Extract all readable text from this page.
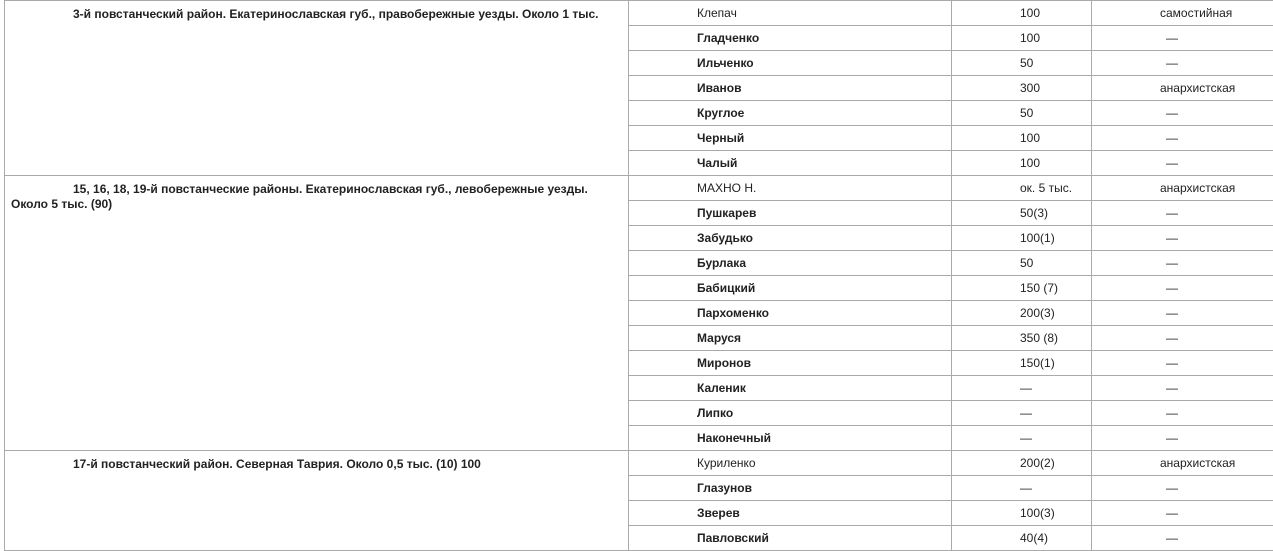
3-й повстанческий район. Екатеринославская губ., правобережные уезды. Около 1 тыс.	Клепач	100	самостийная
	Гладченко	100	—
	Ильченко	50	—
	Иванов	300	анархистская
	Круглое	50	—
	Черный	100	—
	Чалый	100	—
15, 16, 18, 19-й повстанческие районы. Екатеринославская губ., левобережные уезды. Около 5 тыс. (90)	МАХНО Н.	ок. 5 тыс.	анархистская
	Пушкарев	50(3)	—
	Забудько	100(1)	—
	Бурлака	50	—
	Бабицкий	150 (7)	—
	Пархоменко	200(3)	—
	Маруся	350 (8)	—
	Миронов	150(1)	—
	Каленик	—	—
	Липко	—	—
	Наконечный	—	—
17-й повстанческий район. Северная Таврия. Около 0,5 тыс. (10) 100	Куриленко	200(2)	анархистская
	Глазунов	—	—
	Зверев	100(3)	—
	Павловский	40(4)	—
